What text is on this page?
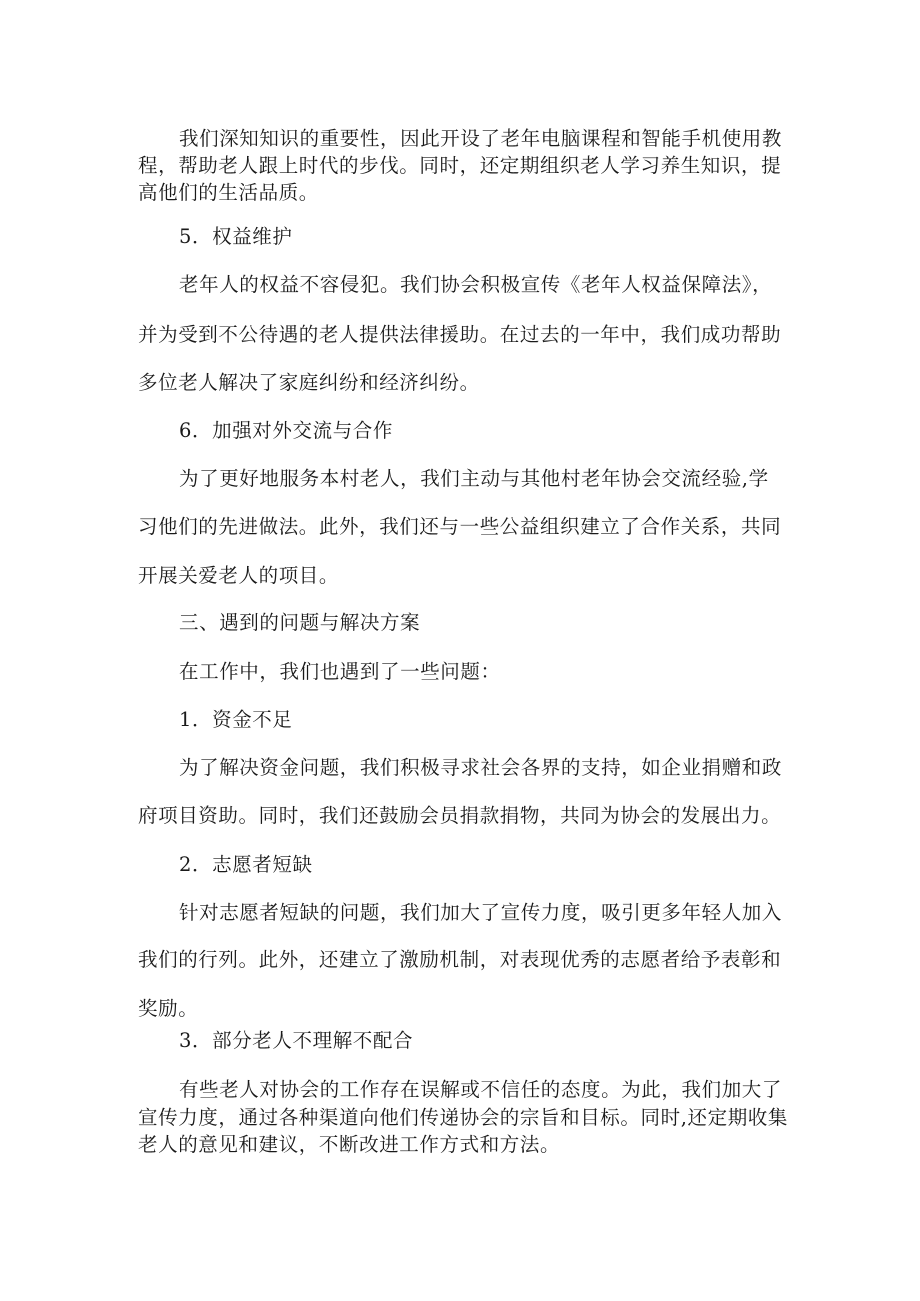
我们深知知识的重要性，因此开设了老年电脑课程和智能手机使用教
程，帮助老人跟上时代的步伐。同时，还定期组织老人学习养生知识，提
高他们的生活品质。
5．权益维护
老年人的权益不容侵犯。我们协会积极宣传《老年人权益保障法》，
并为受到不公待遇的老人提供法律援助。在过去的一年中，我们成功帮助
多位老人解决了家庭纠纷和经济纠纷。
6．加强对外交流与合作
为了更好地服务本村老人，我们主动与其他村老年协会交流经验,学
习他们的先进做法。此外，我们还与一些公益组织建立了合作关系，共同
开展关爱老人的项目。
三、遇到的问题与解决方案
在工作中，我们也遇到了一些问题：
1．资金不足
为了解决资金问题，我们积极寻求社会各界的支持，如企业捐赠和政
府项目资助。同时，我们还鼓励会员捐款捐物，共同为协会的发展出力。
2．志愿者短缺
针对志愿者短缺的问题，我们加大了宣传力度，吸引更多年轻人加入
我们的行列。此外，还建立了激励机制，对表现优秀的志愿者给予表彰和
奖励。
3．部分老人不理解不配合
有些老人对协会的工作存在误解或不信任的态度。为此，我们加大了
宣传力度，通过各种渠道向他们传递协会的宗旨和目标。同时,还定期收集
老人的意见和建议，不断改进工作方式和方法。
